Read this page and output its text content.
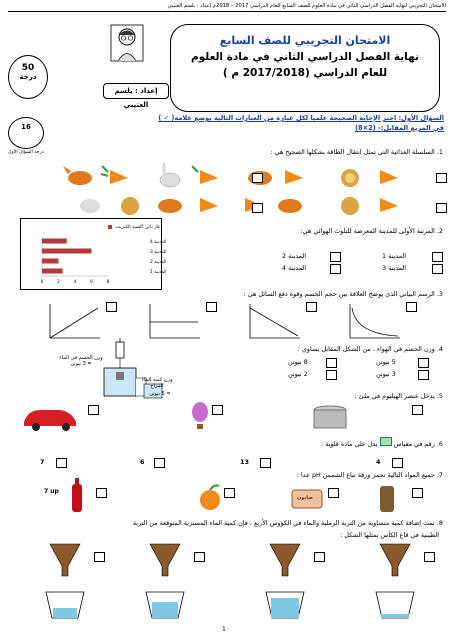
الامتحان التجريبي لنهاية الفصل الدراسي الثاني في مادة العلوم للصف السابع للعام الدراسي 2017 – 2018م إعداد : بلسم العتيبي
50
درجة
الامتحان التجريبي للصف السابع
نهاية الفصل الدراسي الثاني في مادة العلوم
للعام الدراسي (2017/2018 م )
إعداد : بلسم العتيبي
16
درجة السؤال الأول
السؤال الأول: اختر الإجابة الصحيحة علميا لكل عبارة من العبارات التالية بوضع علامة( ✓ )
في المربع المقابل:- (2×8)
1. السلسلة الغذائية التي تمثل انتقال الطاقة بشكلها الصحيح هي :
2. المرتبة الأولى للمدينة المعرضة للتلوث الهوائي هي:
المدينة 1
المدينة 2
المدينة 3
المدينة 4
غاز ثاني أكسيد الكبريت
المدينة 4
المدينة 3
المدينة 2
المدينة 1
0	2	4	6	8
3. الرسم البياني الذي يوضح العلاقة بين حجم الجسم وقوة دفع السائل هي :
4. وزن الجسم في الهواء ، من الشكل المقابل يساوي :
5 نيوتن
8 نيوتن
3 نيوتن
2 نيوتن
وزن الجسم في الماء = 3 نيوتن
وزن كمية الماء المزاح
= 5 نيوتن	5. يدخل عنصر الهيليوم في ملئ :
6. رقم في مقياس  يدل على مادة قلوية :
7	6	13	4
7. جميع المواد التالية تحمر ورقة تباع الشمس pH عدا :
7 up
صابون
8. تمت إضافة كمية متساوية من التربة الرملية والماء في الكؤوس الأربع ، فإن كمية الماء المسترية المتوقعة من التربة
الطينية في قاع الكأس يمثلها الشكل :
1
